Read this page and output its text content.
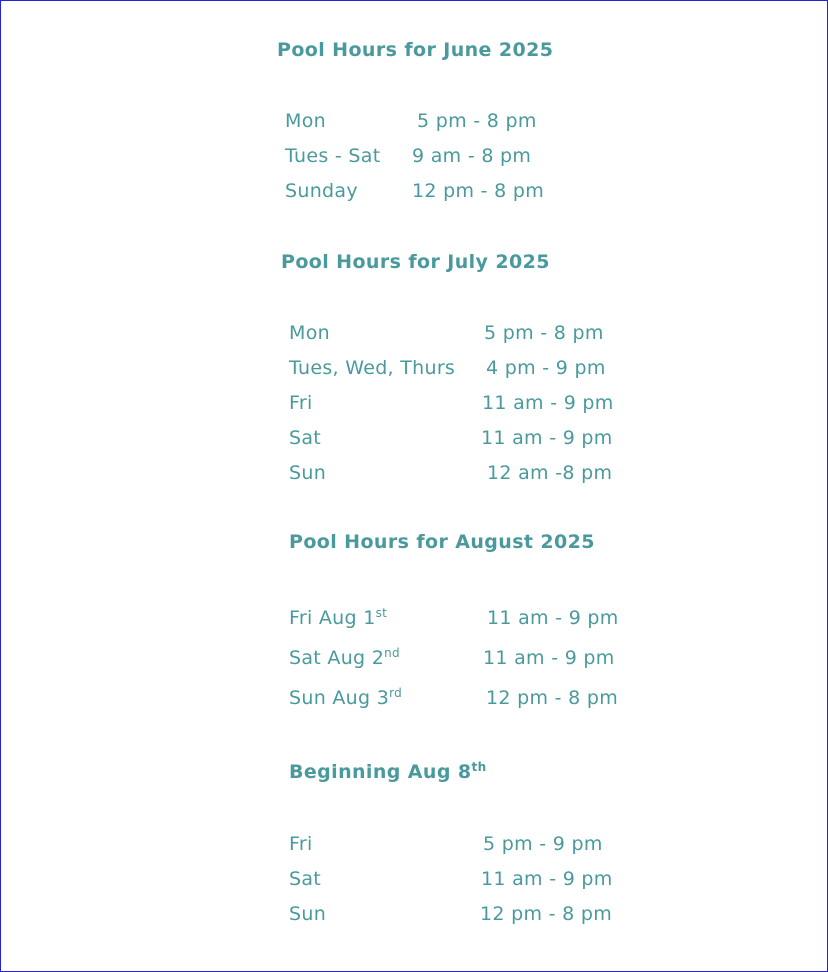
Pool Hours for June 2025
Mon	5 pm - 8 pm
Tues - Sat 9 am - 8 pm
Sunday	12 pm - 8 pm
Pool Hours for July 2025
Mon	5 pm - 8 pm
Tues, Wed, Thurs 4 pm - 9 pm
Fri	11 am - 9 pm
Sat	11 am - 9 pm
Sun	12 am -8 pm
Pool Hours for August 2025
Fri Aug 1st	11 am - 9 pm
Sat Aug 2nd	11 am - 9 pm
Sun Aug 3rd	12 pm - 8 pm
Beginning Aug 8th
Fri	5 pm - 9 pm
Sat	11 am - 9 pm
Sun	12 pm - 8 pm
